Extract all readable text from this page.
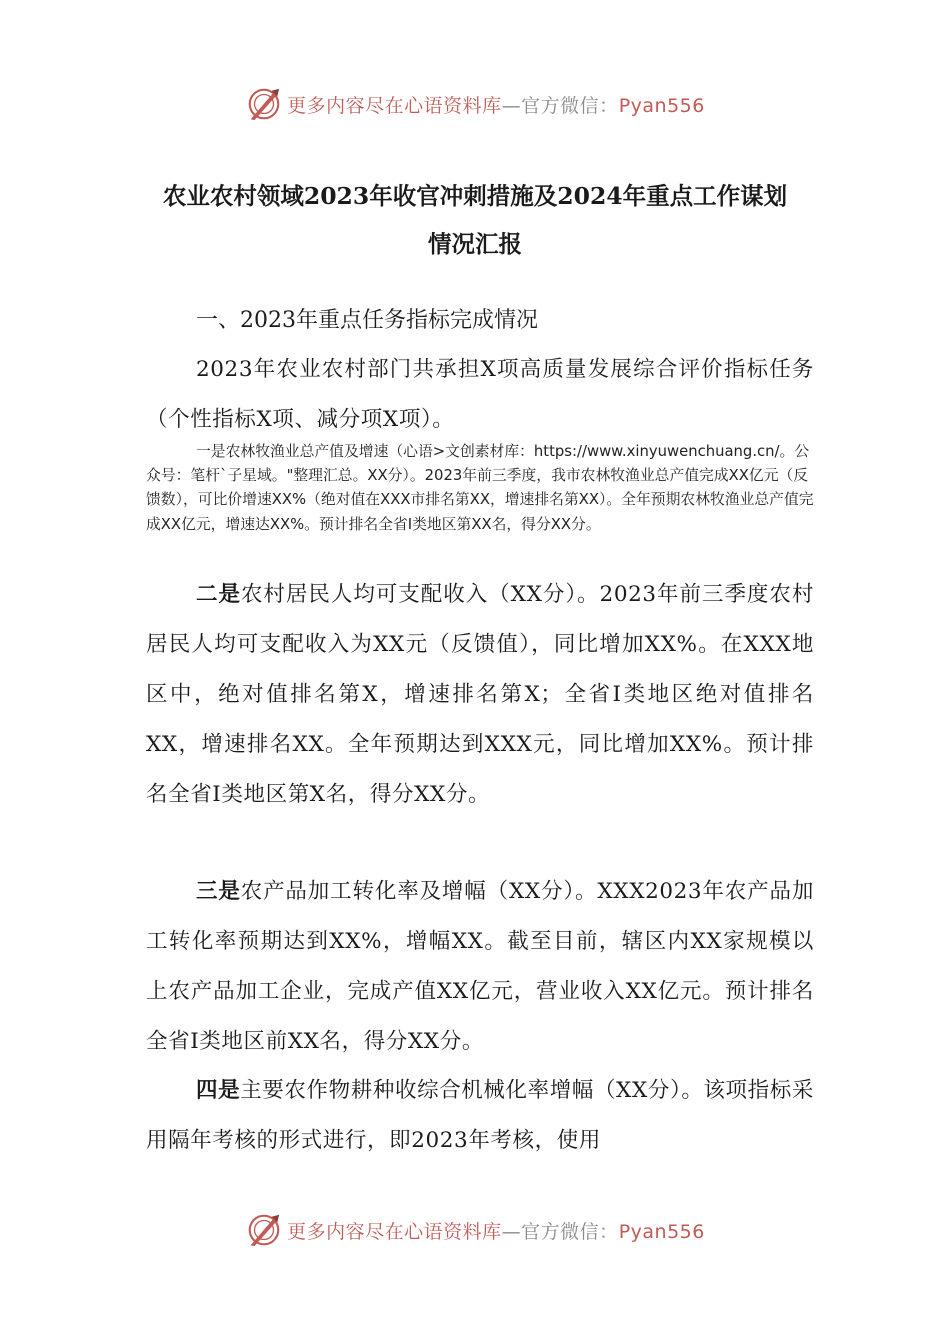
更多内容尽在心语资料库—官方微信：Pyan556
农业农村领域2023年收官冲刺措施及2024年重点工作谋划
情况汇报
一、2023年重点任务指标完成情况

2023年农业农村部门共承担X项高质量发展综合评价指标任务（个性指标X项、减分项X项）。

一是农林牧渔业总产值及增速（心语>文创素材库：https://www.xinyuwenchuang.cn/。公众号：笔杆`子星域。"整理汇总。XX分）。2023年前三季度，我市农林牧渔业总产值完成XX亿元（反馈数），可比价增速XX%（绝对值在XXX市排名第XX，增速排名第XX）。全年预期农林牧渔业总产值完成XX亿元，增速达XX%。预计排名全省I类地区第XX名，得分XX分。

二是农村居民人均可支配收入（XX分）。2023年前三季度农村居民人均可支配收入为XX元（反馈值），同比增加XX%。在XXX地区中，绝对值排名第X，增速排名第X；全省I类地区绝对值排名XX，增速排名XX。全年预期达到XXX元，同比增加XX%。预计排名全省I类地区第X名，得分XX分。

三是农产品加工转化率及增幅（XX分）。XXX2023年农产品加工转化率预期达到XX%，增幅XX。截至目前，辖区内XX家规模以上农产品加工企业，完成产值XX亿元，营业收入XX亿元。预计排名全省I类地区前XX名，得分XX分。

四是主要农作物耕种收综合机械化率增幅（XX分）。该项指标采用隔年考核的形式进行，即2023年考核，使用

更多内容尽在心语资料库—官方微信：Pyan556
